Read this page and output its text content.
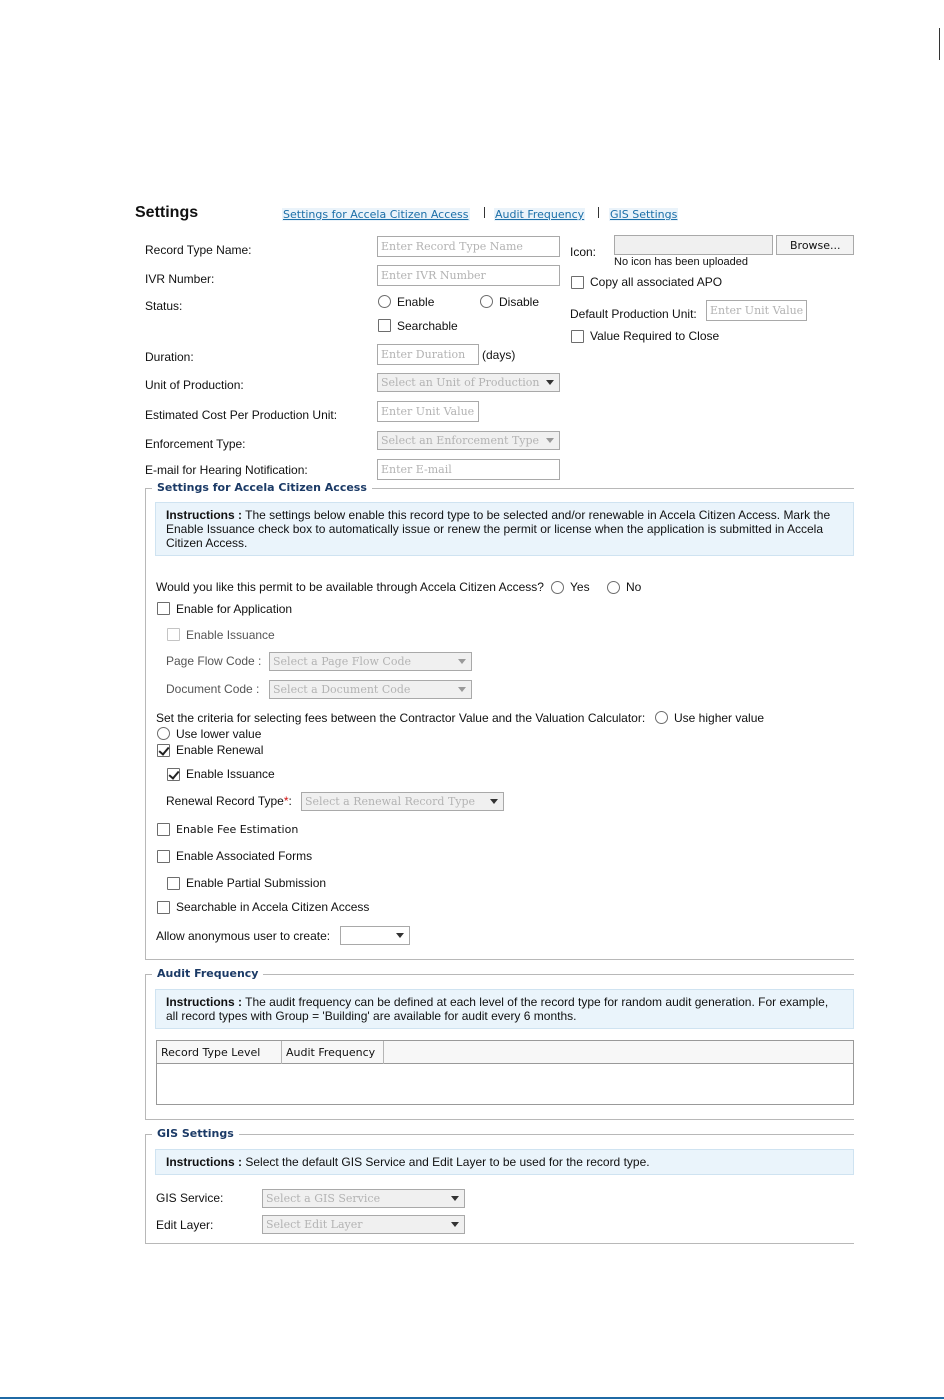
Settings	Settings for Accela Citizen Access Audit Frequency GIS Settings
Record Type Name:	Enter Record Type Name
IVR Number:	Enter IVR Number
Status:	Enable	Disable
Searchable
Duration:	Enter Duration	(days)
Unit of Production:	Select an Unit of Production
Estimated Cost Per Production Unit:	Enter Unit Value
Enforcement Type:	Select an Enforcement Type
E-mail for Hearing Notification:	Enter E-mail
Icon:	Browse...
No icon has been uploaded
Copy all associated APO
Default Production Unit:	Enter Unit Value
Value Required to Close
Settings for Accela Citizen Access
Instructions : The settings below enable this record type to be selected and/or renewable in Accela Citizen Access. Mark the Enable Issuance check box to automatically issue or renew the permit or license when the application is submitted in Accela Citizen Access.
Would you like this permit to be available through Accela Citizen Access? Yes	No
Enable for Application
Enable Issuance
Page Flow Code :	Select a Page Flow Code
Document Code :	Select a Document Code
Set the criteria for selecting fees between the Contractor Value and the Valuation Calculator: Use higher value
Use lower value
Enable Renewal
Enable Issuance
Renewal Record Type*:	Select a Renewal Record Type
Enable Fee Estimation
Enable Associated Forms
Enable Partial Submission
Searchable in Accela Citizen Access
Allow anonymous user to create:
Audit Frequency
Instructions : The audit frequency can be defined at each level of the record type for random audit generation. For example, all record types with Group = 'Building' are available for audit every 6 months.
Record Type Level	Audit Frequency
GIS Settings
Instructions : Select the default GIS Service and Edit Layer to be used for the record type.
GIS Service:	Select a GIS Service
Edit Layer:	Select Edit Layer
